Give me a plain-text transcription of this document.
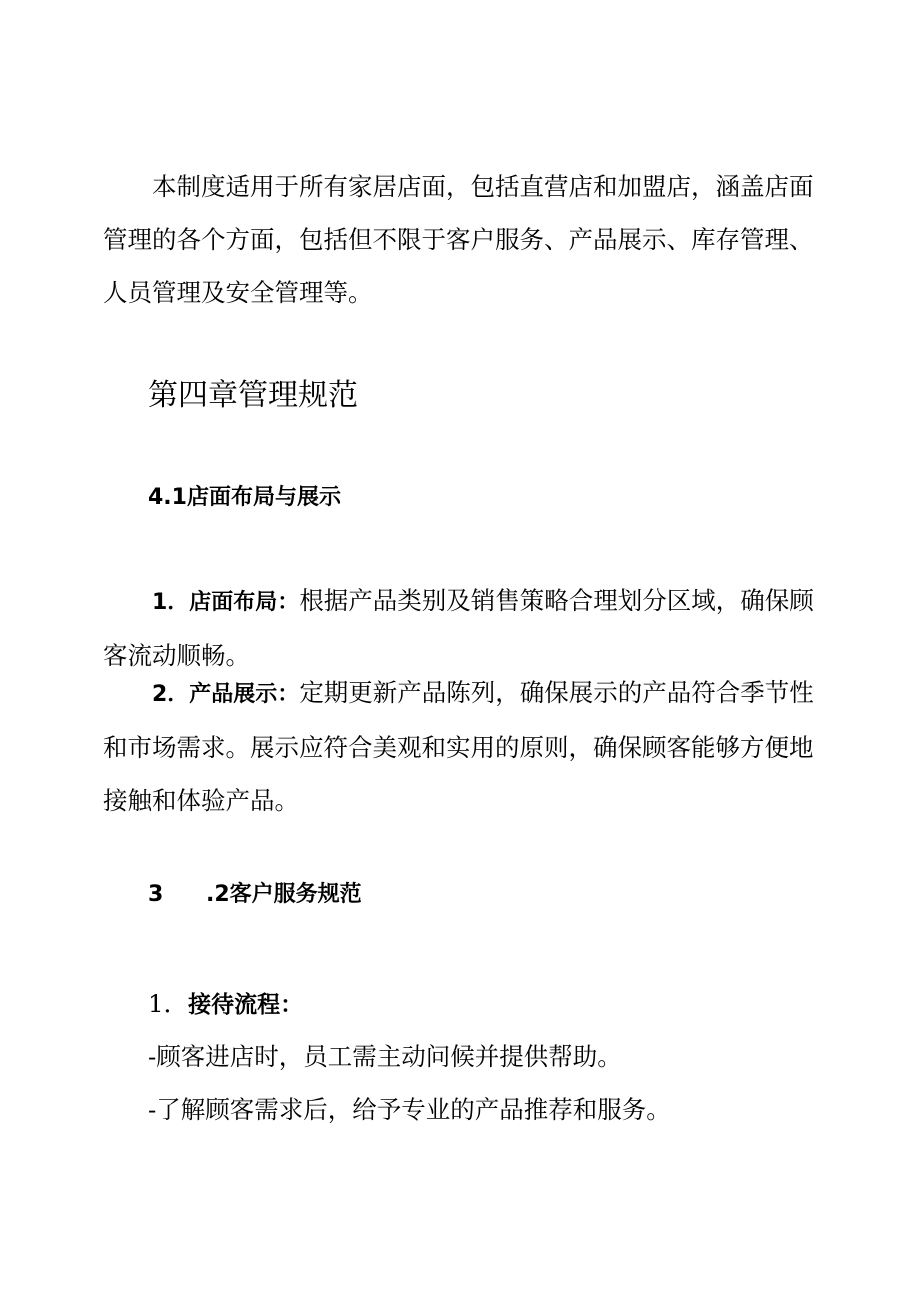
本制度适用于所有家居店面，包括直营店和加盟店，涵盖店面管理的各个方面，包括但不限于客户服务、产品展示、库存管理、人员管理及安全管理等。

第四章管理规范
4.1店面布局与展示

1．店面布局：根据产品类别及销售策略合理划分区域，确保顾客流动顺畅。

2．产品展示：定期更新产品陈列，确保展示的产品符合季节性和市场需求。展示应符合美观和实用的原则，确保顾客能够方便地接触和体验产品。

3 .2客户服务规范

1．接待流程：

-顾客进店时，员工需主动问候并提供帮助。

-了解顾客需求后，给予专业的产品推荐和服务。
